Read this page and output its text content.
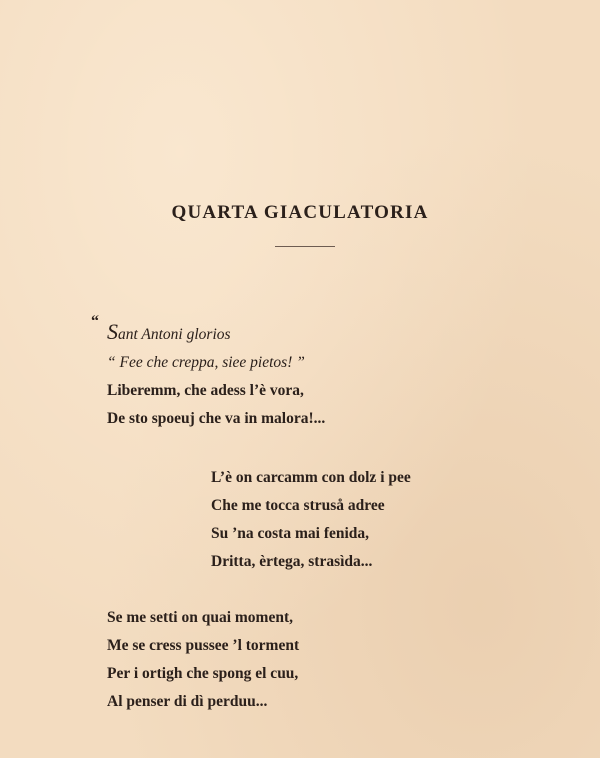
QUARTA GIACULATORIA
“ Sant Antoni glorios
“ Fee che creppa, siee pietos! ”
Liberemm, che adess l’è vora,
De sto spoeuj che va in malora!...
L’è on carcamm con dolz i pee
Che me tocca struså adree
Su ’na costa mai fenida,
Dritta, èrtega, strasìda...
Se me setti on quai moment,
Me se cress pussee ’l torment
Per i ortigh che spong el cuu,
Al penser di dì perduu...
